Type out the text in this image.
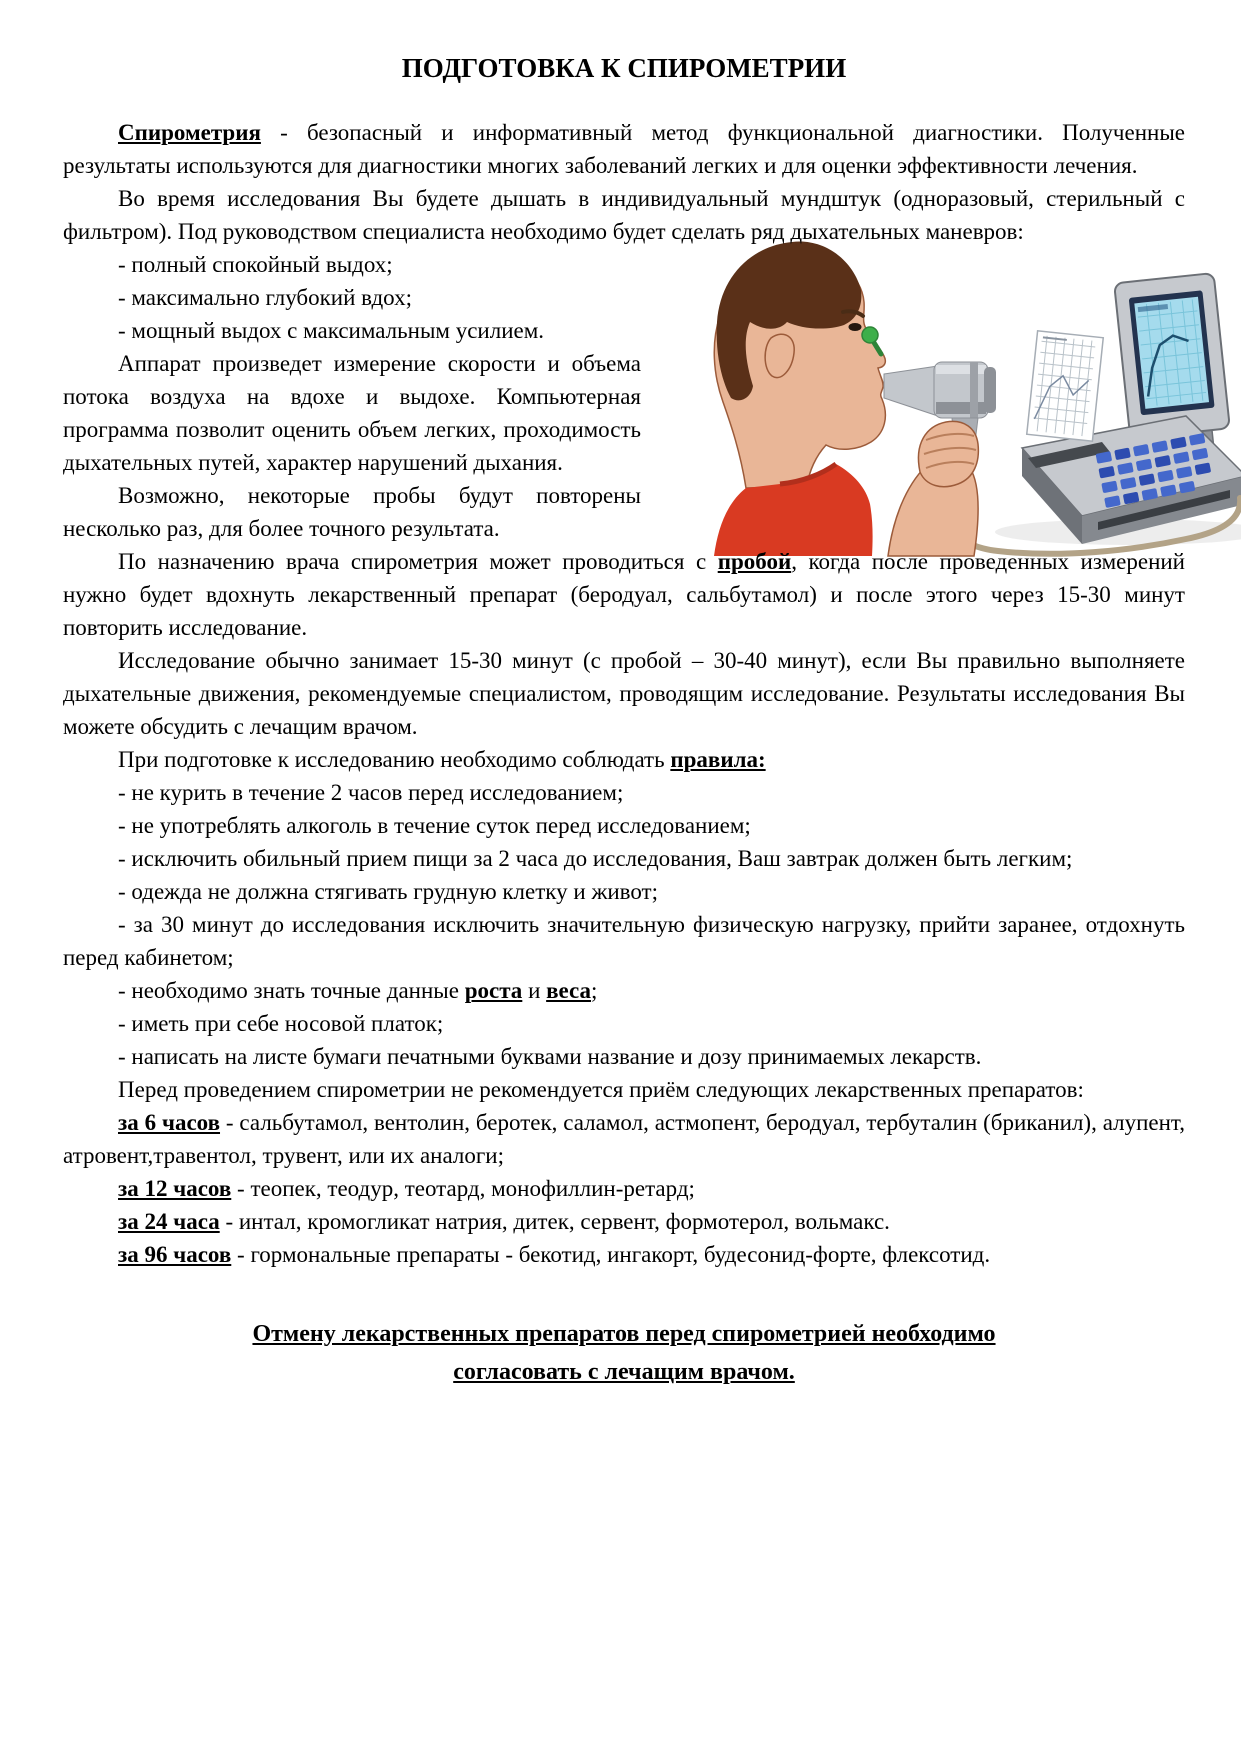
ПОДГОТОВКА К СПИРОМЕТРИИ

Спирометрия - безопасный и информативный метод функциональной диагностики. Полученные результаты используются для диагностики многих заболеваний легких и для оценки эффективности лечения.

Во время исследования Вы будете дышать в индивидуальный мундштук (одноразовый, стерильный с фильтром). Под руководством специалиста необходимо будет сделать ряд дыхательных маневров:

- полный спокойный выдох;

- максимально глубокий вдох;

- мощный выдох с максимальным усилием.

Аппарат произведет измерение скорости и объема потока воздуха на вдохе и выдохе. Компьютерная программа позволит оценить объем легких, проходимость дыхательных путей, характер нарушений дыхания.

Возможно, некоторые пробы будут повторены несколько раз, для более точного результата.

По назначению врача спирометрия может проводиться с пробой, когда после проведенных измерений нужно будет вдохнуть лекарственный препарат (беродуал, сальбутамол) и после этого через 15-30 минут повторить исследование.

Исследование обычно занимает 15-30 минут (с пробой – 30-40 минут), если Вы правильно выполняете дыхательные движения, рекомендуемые специалистом, проводящим исследование. Результаты исследования Вы можете обсудить с лечащим врачом.

При подготовке к исследованию необходимо соблюдать правила:

- не курить в течение 2 часов перед исследованием;

- не употреблять алкоголь в течение суток перед исследованием;

- исключить обильный прием пищи за 2 часа до исследования, Ваш завтрак должен быть легким;

- одежда не должна стягивать грудную клетку и живот;

- за 30 минут до исследования исключить значительную физическую нагрузку, прийти заранее, отдохнуть перед кабинетом;

- необходимо знать точные данные роста и веса;

- иметь при себе носовой платок;

- написать на листе бумаги печатными буквами название и дозу принимаемых лекарств.

Перед проведением спирометрии не рекомендуется приём следующих лекарственных препаратов:

за 6 часов - сальбутамол, вентолин, беротек, саламол, астмопент, беродуал, тербуталин (бриканил), алупент, атровент,травентол, трувент, или их аналоги;

за 12 часов - теопек, теодур, теотард, монофиллин-ретард;

за 24 часа - интал, кромогликат натрия, дитек, сервент, формотерол, вольмакс.

за 96 часов - гормональные препараты - бекотид, ингакорт, будесонид-форте, флексотид.

Отмену лекарственных препаратов перед спирометрией необходимо
согласовать с лечащим врачом.
